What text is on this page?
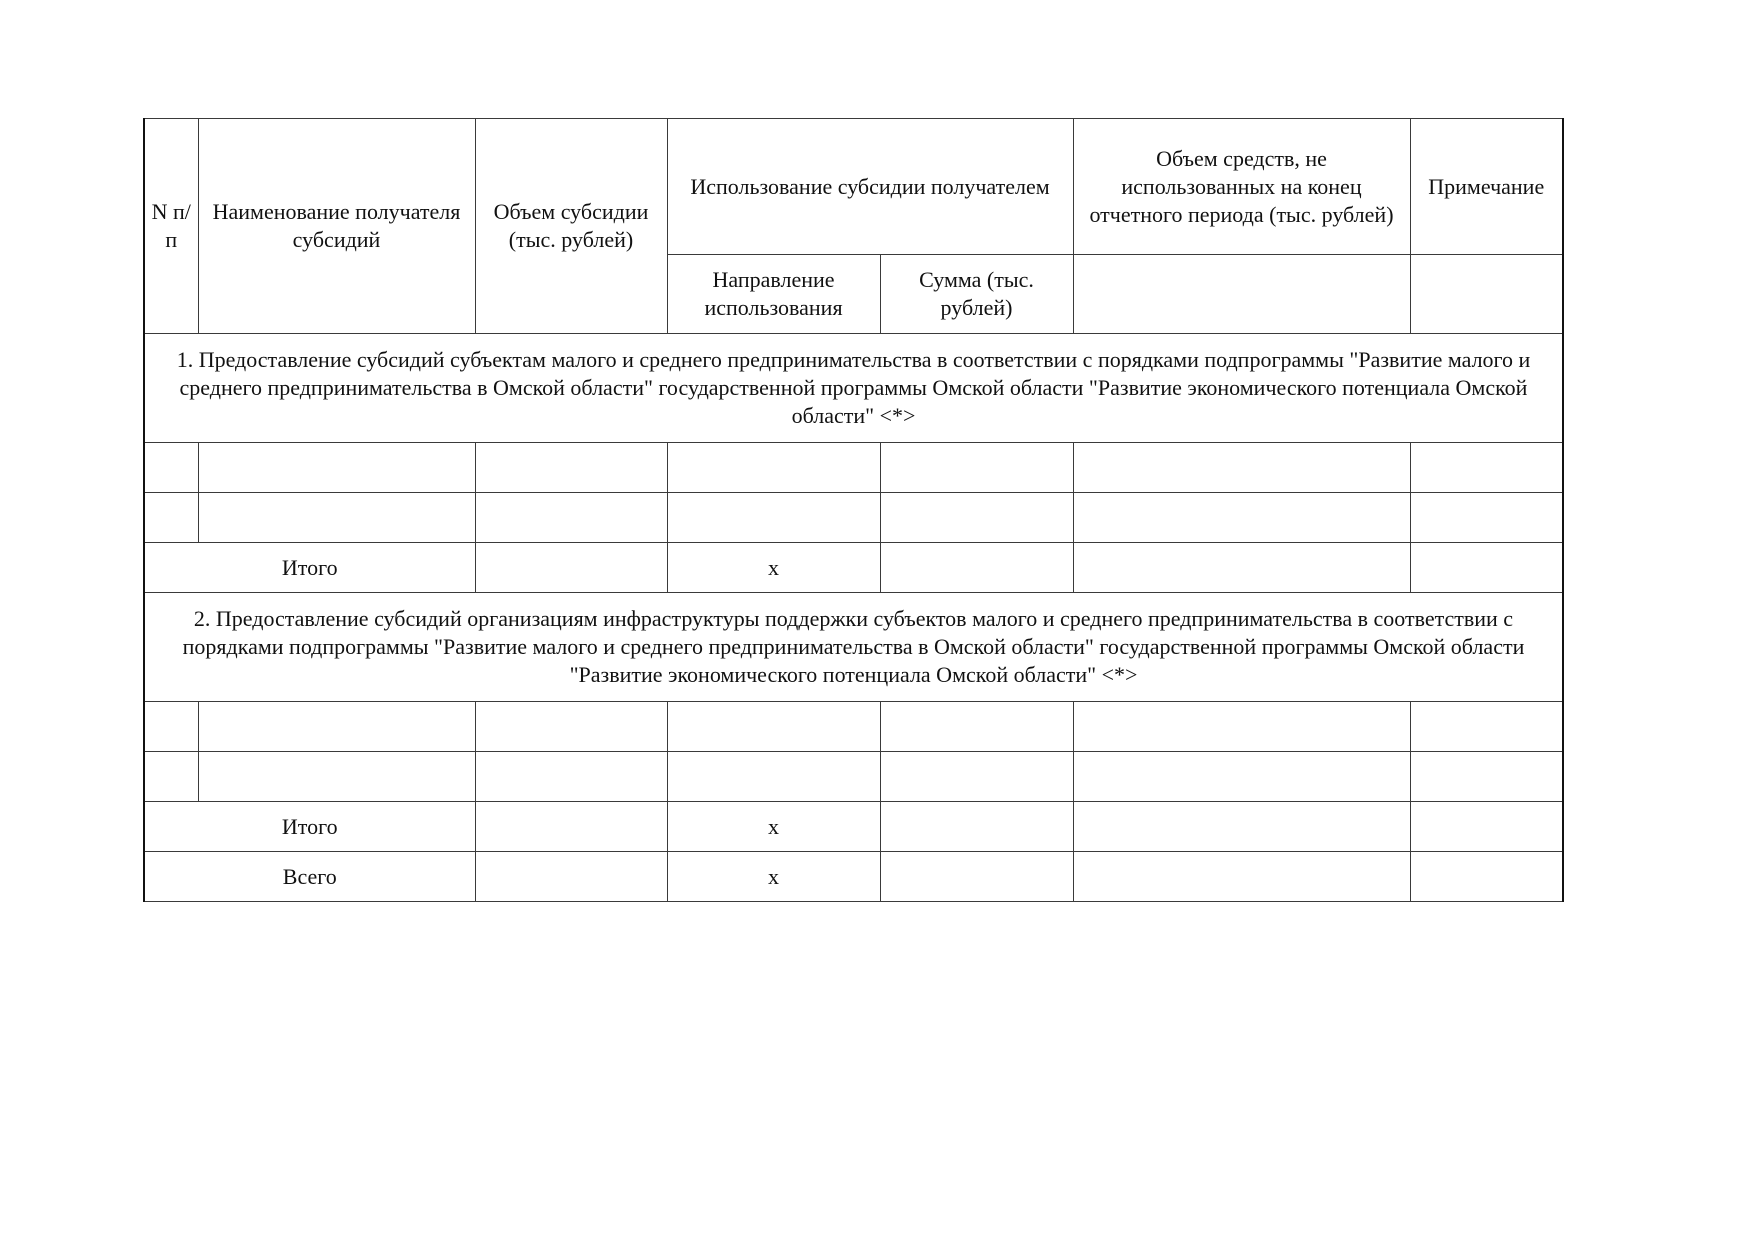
N п/п	Наименование получателя субсидий	Объем субсидии (тыс. рублей)	Использование субсидии получателем		Объем средств, не использованных на конец отчетного периода (тыс. рублей)	Примечание
			Направление использования	Сумма (тыс. рублей)		
1. Предоставление субсидий субъектам малого и среднего предпринимательства в соответствии с порядками подпрограммы "Развитие малого и среднего предпринимательства в Омской области" государственной программы Омской области "Развитие экономического потенциала Омской области" <*>						

Итого			x			
2. Предоставление субсидий организациям инфраструктуры поддержки субъектов малого и среднего предпринимательства в соответствии с порядками подпрограммы "Развитие малого и среднего предпринимательства в Омской области" государственной программы Омской области "Развитие экономического потенциала Омской области" <*>						

Итого			x			
Всего			x			
